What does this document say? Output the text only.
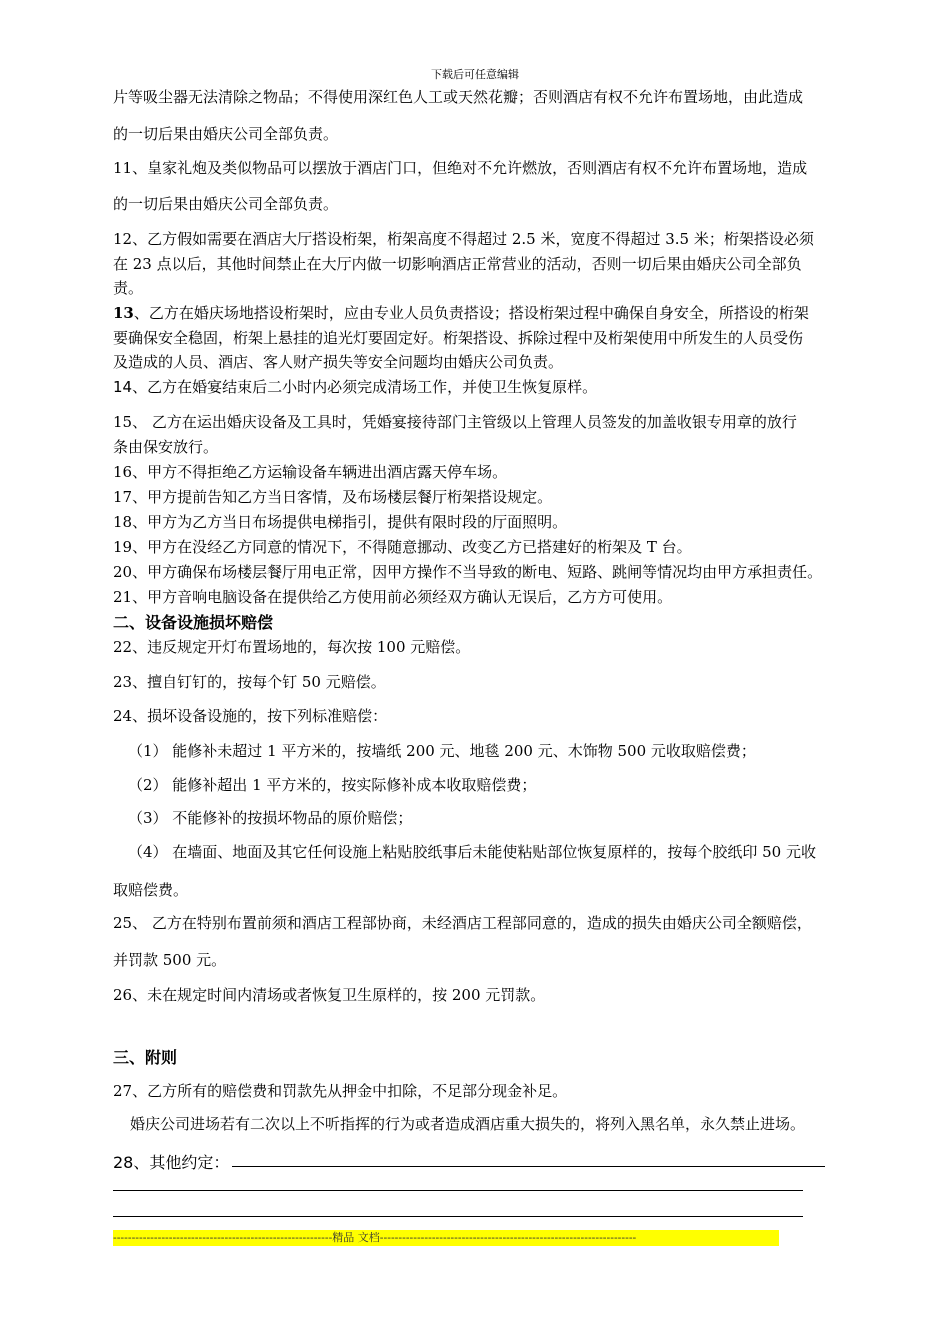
下载后可任意编辑
片等吸尘器无法清除之物品；不得使用深红色人工或天然花瓣；否则酒店有权不允许布置场地，由此造成
的一切后果由婚庆公司全部负责。
11、皇家礼炮及类似物品可以摆放于酒店门口，但绝对不允许燃放，否则酒店有权不允许布置场地，造成
的一切后果由婚庆公司全部负责。
12、乙方假如需要在酒店大厅搭设桁架，桁架高度不得超过 2.5 米，宽度不得超过 3.5 米；桁架搭设必须
在 23 点以后，其他时间禁止在大厅内做一切影响酒店正常营业的活动，否则一切后果由婚庆公司全部负
责。
13、乙方在婚庆场地搭设桁架时，应由专业人员负责搭设；搭设桁架过程中确保自身安全，所搭设的桁架
要确保安全稳固，桁架上悬挂的追光灯要固定好。桁架搭设、拆除过程中及桁架使用中所发生的人员受伤
及造成的人员、酒店、客人财产损失等安全问题均由婚庆公司负责。
14、乙方在婚宴结束后二小时内必须完成清场工作，并使卫生恢复原样。
15、 乙方在运出婚庆设备及工具时，凭婚宴接待部门主管级以上管理人员签发的加盖收银专用章的放行
条由保安放行。
16、甲方不得拒绝乙方运输设备车辆进出酒店露天停车场。
17、甲方提前告知乙方当日客情，及布场楼层餐厅桁架搭设规定。
18、甲方为乙方当日布场提供电梯指引，提供有限时段的厅面照明。
19、甲方在没经乙方同意的情况下，不得随意挪动、改变乙方已搭建好的桁架及 T 台。
20、甲方确保布场楼层餐厅用电正常，因甲方操作不当导致的断电、短路、跳闸等情况均由甲方承担责任。
21、甲方音响电脑设备在提供给乙方使用前必须经双方确认无误后，乙方方可使用。
二、设备设施损坏赔偿
22、违反规定开灯布置场地的，每次按 100 元赔偿。
23、擅自钉钉的，按每个钉 50 元赔偿。
24、损坏设备设施的，按下列标准赔偿：
（1） 能修补未超过 1 平方米的，按墙纸 200 元、地毯 200 元、木饰物 500 元收取赔偿费；
（2） 能修补超出 1 平方米的，按实际修补成本收取赔偿费；
（3） 不能修补的按损坏物品的原价赔偿；
（4） 在墙面、地面及其它任何设施上粘贴胶纸事后未能使粘贴部位恢复原样的，按每个胶纸印 50 元收
取赔偿费。
25、 乙方在特别布置前须和酒店工程部协商，未经酒店工程部同意的，造成的损失由婚庆公司全额赔偿，
并罚款 500 元。
26、未在规定时间内清场或者恢复卫生原样的，按 200 元罚款。
三、附则
27、乙方所有的赔偿费和罚款先从押金中扣除，不足部分现金补足。
婚庆公司进场若有二次以上不听指挥的行为或者造成酒店重大损失的，将列入黑名单，永久禁止进场。
28、其他约定：
-----------------------------------------------------------精品 文档---------------------------------------------------------------------
